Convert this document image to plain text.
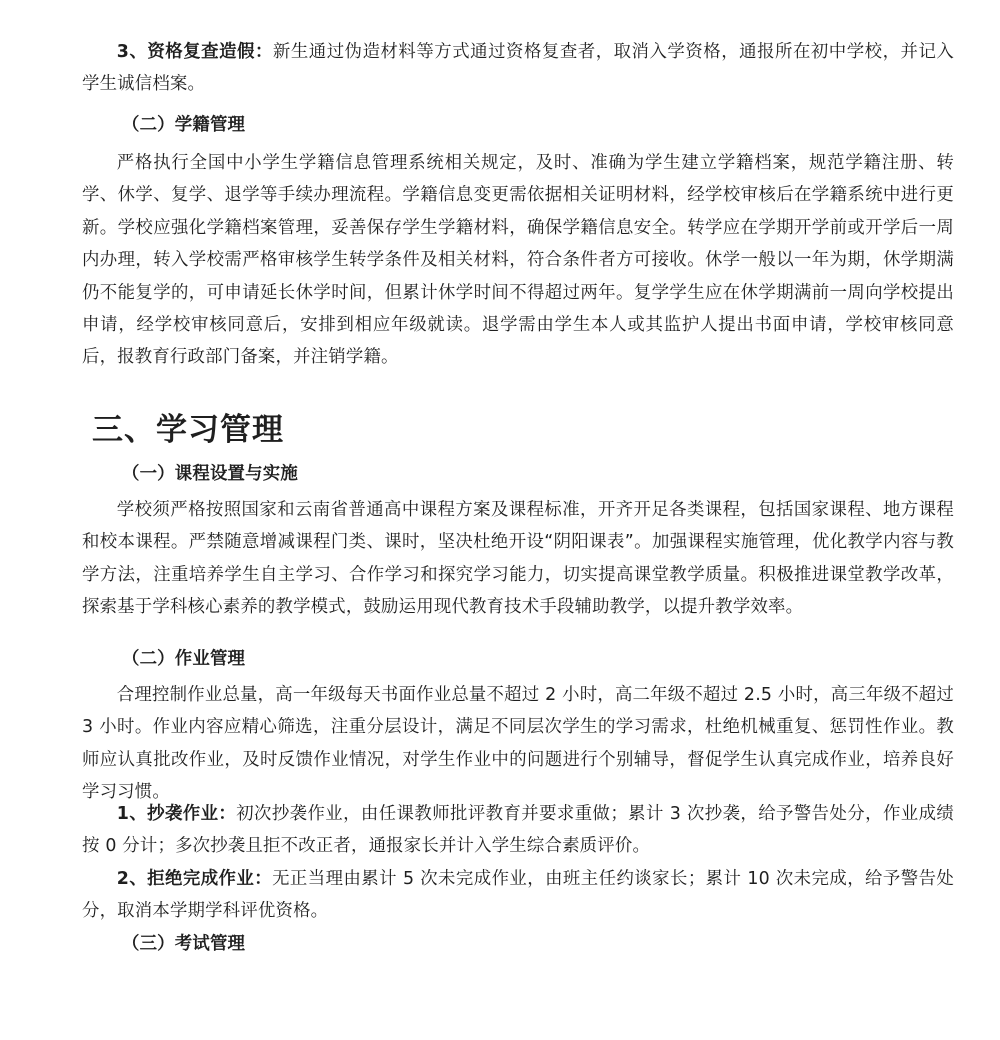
3、资格复查造假：新生通过伪造材料等方式通过资格复查者，取消入学资格，通报所在初中学校，并记入学生诚信档案。

（二）学籍管理

严格执行全国中小学生学籍信息管理系统相关规定，及时、准确为学生建立学籍档案，规范学籍注册、转学、休学、复学、退学等手续办理流程。学籍信息变更需依据相关证明材料，经学校审核后在学籍系统中进行更新。学校应强化学籍档案管理，妥善保存学生学籍材料，确保学籍信息安全。转学应在学期开学前或开学后一周内办理，转入学校需严格审核学生转学条件及相关材料，符合条件者方可接收。休学一般以一年为期，休学期满仍不能复学的，可申请延长休学时间，但累计休学时间不得超过两年。复学学生应在休学期满前一周向学校提出申请，经学校审核同意后，安排到相应年级就读。退学需由学生本人或其监护人提出书面申请，学校审核同意后，报教育行政部门备案，并注销学籍。

三、学习管理
（一）课程设置与实施

学校须严格按照国家和云南省普通高中课程方案及课程标准，开齐开足各类课程，包括国家课程、地方课程和校本课程。严禁随意增减课程门类、课时，坚决杜绝开设“阴阳课表”。加强课程实施管理，优化教学内容与教学方法，注重培养学生自主学习、合作学习和探究学习能力，切实提高课堂教学质量。积极推进课堂教学改革，探索基于学科核心素养的教学模式，鼓励运用现代教育技术手段辅助教学，以提升教学效率。

（二）作业管理

合理控制作业总量，高一年级每天书面作业总量不超过 2 小时，高二年级不超过 2.5 小时，高三年级不超过 3 小时。作业内容应精心筛选，注重分层设计，满足不同层次学生的学习需求，杜绝机械重复、惩罚性作业。教师应认真批改作业，及时反馈作业情况，对学生作业中的问题进行个别辅导，督促学生认真完成作业，培养良好学习习惯。

1、抄袭作业：初次抄袭作业，由任课教师批评教育并要求重做；累计 3 次抄袭，给予警告处分，作业成绩按 0 分计；多次抄袭且拒不改正者，通报家长并计入学生综合素质评价。

2、拒绝完成作业：无正当理由累计 5 次未完成作业，由班主任约谈家长；累计 10 次未完成，给予警告处分，取消本学期学科评优资格。

（三）考试管理
